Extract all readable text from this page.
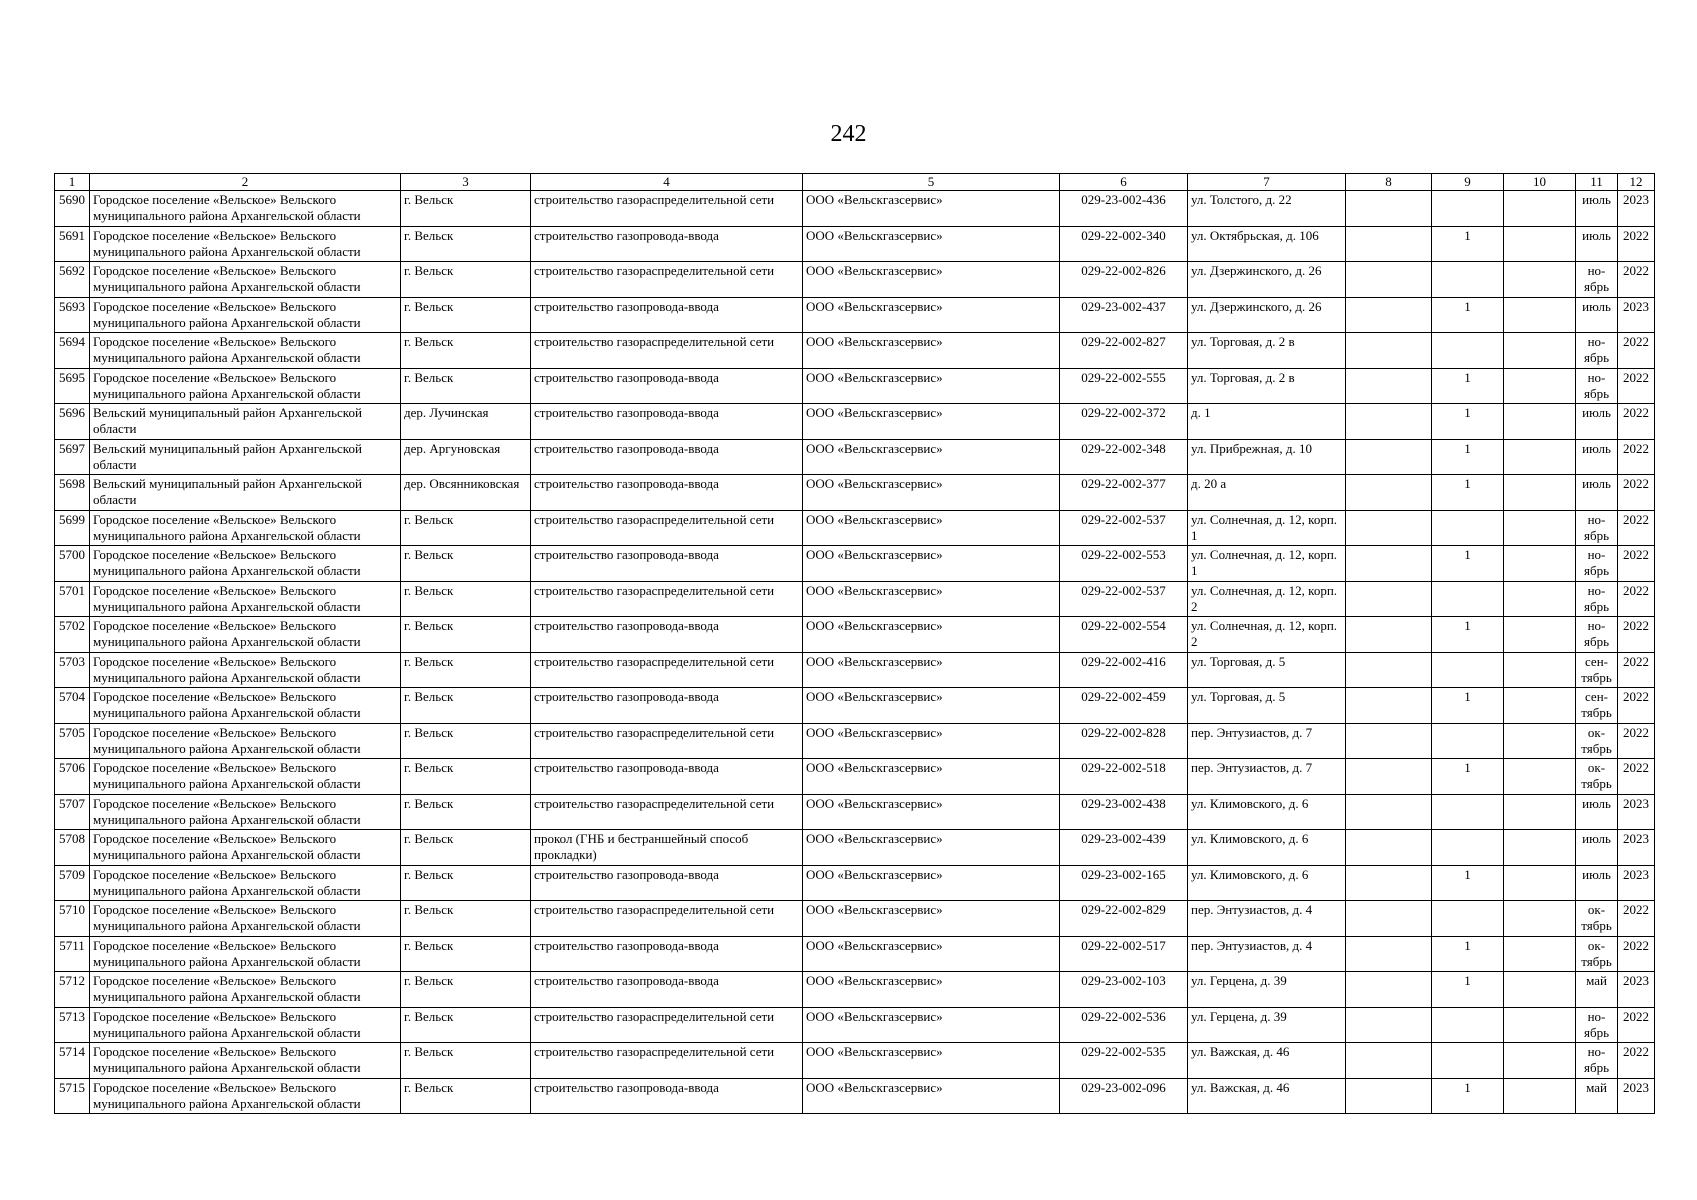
242
1	2	3	4	5	6	7	8	9	10	11	12
5690	Городское поселение «Вельское» Вельского муниципального района Архангельской области	г. Вельск	строительство газораспределительной сети	ООО «Вельскгазсервис»	029-23-002-436	ул. Толстого, д. 22				июль	2023
5691	Городское поселение «Вельское» Вельского муниципального района Архангельской области	г. Вельск	строительство газопровода-ввода	ООО «Вельскгазсервис»	029-22-002-340	ул. Октябрьская, д. 106		1		июль	2022
5692	Городское поселение «Вельское» Вельского муниципального района Архангельской области	г. Вельск	строительство газораспределительной сети	ООО «Вельскгазсервис»	029-22-002-826	ул. Дзержинского, д. 26				но-ябрь	2022
5693	Городское поселение «Вельское» Вельского муниципального района Архангельской области	г. Вельск	строительство газопровода-ввода	ООО «Вельскгазсервис»	029-23-002-437	ул. Дзержинского, д. 26		1		июль	2023
5694	Городское поселение «Вельское» Вельского муниципального района Архангельской области	г. Вельск	строительство газораспределительной сети	ООО «Вельскгазсервис»	029-22-002-827	ул. Торговая, д. 2 в				но-ябрь	2022
5695	Городское поселение «Вельское» Вельского муниципального района Архангельской области	г. Вельск	строительство газопровода-ввода	ООО «Вельскгазсервис»	029-22-002-555	ул. Торговая, д. 2 в		1		но-ябрь	2022
5696	Вельский муниципальный район Архангельской области	дер. Лучинская	строительство газопровода-ввода	ООО «Вельскгазсервис»	029-22-002-372	д. 1		1		июль	2022
5697	Вельский муниципальный район Архангельской области	дер. Аргуновская	строительство газопровода-ввода	ООО «Вельскгазсервис»	029-22-002-348	ул. Прибрежная, д. 10		1		июль	2022
5698	Вельский муниципальный район Архангельской области	дер. Овсянниковская	строительство газопровода-ввода	ООО «Вельскгазсервис»	029-22-002-377	д. 20 а		1		июль	2022
5699	Городское поселение «Вельское» Вельского муниципального района Архангельской области	г. Вельск	строительство газораспределительной сети	ООО «Вельскгазсервис»	029-22-002-537	ул. Солнечная, д. 12, корп. 1				но-ябрь	2022
5700	Городское поселение «Вельское» Вельского муниципального района Архангельской области	г. Вельск	строительство газопровода-ввода	ООО «Вельскгазсервис»	029-22-002-553	ул. Солнечная, д. 12, корп. 1		1		но-ябрь	2022
5701	Городское поселение «Вельское» Вельского муниципального района Архангельской области	г. Вельск	строительство газораспределительной сети	ООО «Вельскгазсервис»	029-22-002-537	ул. Солнечная, д. 12, корп. 2				но-ябрь	2022
5702	Городское поселение «Вельское» Вельского муниципального района Архангельской области	г. Вельск	строительство газопровода-ввода	ООО «Вельскгазсервис»	029-22-002-554	ул. Солнечная, д. 12, корп. 2		1		но-ябрь	2022
5703	Городское поселение «Вельское» Вельского муниципального района Архангельской области	г. Вельск	строительство газораспределительной сети	ООО «Вельскгазсервис»	029-22-002-416	ул. Торговая, д. 5				сен-тябрь	2022
5704	Городское поселение «Вельское» Вельского муниципального района Архангельской области	г. Вельск	строительство газопровода-ввода	ООО «Вельскгазсервис»	029-22-002-459	ул. Торговая, д. 5		1		сен-тябрь	2022
5705	Городское поселение «Вельское» Вельского муниципального района Архангельской области	г. Вельск	строительство газораспределительной сети	ООО «Вельскгазсервис»	029-22-002-828	пер. Энтузиастов, д. 7				ок-тябрь	2022
5706	Городское поселение «Вельское» Вельского муниципального района Архангельской области	г. Вельск	строительство газопровода-ввода	ООО «Вельскгазсервис»	029-22-002-518	пер. Энтузиастов, д. 7		1		ок-тябрь	2022
5707	Городское поселение «Вельское» Вельского муниципального района Архангельской области	г. Вельск	строительство газораспределительной сети	ООО «Вельскгазсервис»	029-23-002-438	ул. Климовского, д. 6				июль	2023
5708	Городское поселение «Вельское» Вельского муниципального района Архангельской области	г. Вельск	прокол (ГНБ и бестраншейный способ прокладки)	ООО «Вельскгазсервис»	029-23-002-439	ул. Климовского, д. 6				июль	2023
5709	Городское поселение «Вельское» Вельского муниципального района Архангельской области	г. Вельск	строительство газопровода-ввода	ООО «Вельскгазсервис»	029-23-002-165	ул. Климовского, д. 6		1		июль	2023
5710	Городское поселение «Вельское» Вельского муниципального района Архангельской области	г. Вельск	строительство газораспределительной сети	ООО «Вельскгазсервис»	029-22-002-829	пер. Энтузиастов, д. 4				ок-тябрь	2022
5711	Городское поселение «Вельское» Вельского муниципального района Архангельской области	г. Вельск	строительство газопровода-ввода	ООО «Вельскгазсервис»	029-22-002-517	пер. Энтузиастов, д. 4		1		ок-тябрь	2022
5712	Городское поселение «Вельское» Вельского муниципального района Архангельской области	г. Вельск	строительство газопровода-ввода	ООО «Вельскгазсервис»	029-23-002-103	ул. Герцена, д. 39		1		май	2023
5713	Городское поселение «Вельское» Вельского муниципального района Архангельской области	г. Вельск	строительство газораспределительной сети	ООО «Вельскгазсервис»	029-22-002-536	ул. Герцена, д. 39				но-ябрь	2022
5714	Городское поселение «Вельское» Вельского муниципального района Архангельской области	г. Вельск	строительство газораспределительной сети	ООО «Вельскгазсервис»	029-22-002-535	ул. Важская, д. 46				но-ябрь	2022
5715	Городское поселение «Вельское» Вельского муниципального района Архангельской области	г. Вельск	строительство газопровода-ввода	ООО «Вельскгазсервис»	029-23-002-096	ул. Важская, д. 46		1		май	2023
